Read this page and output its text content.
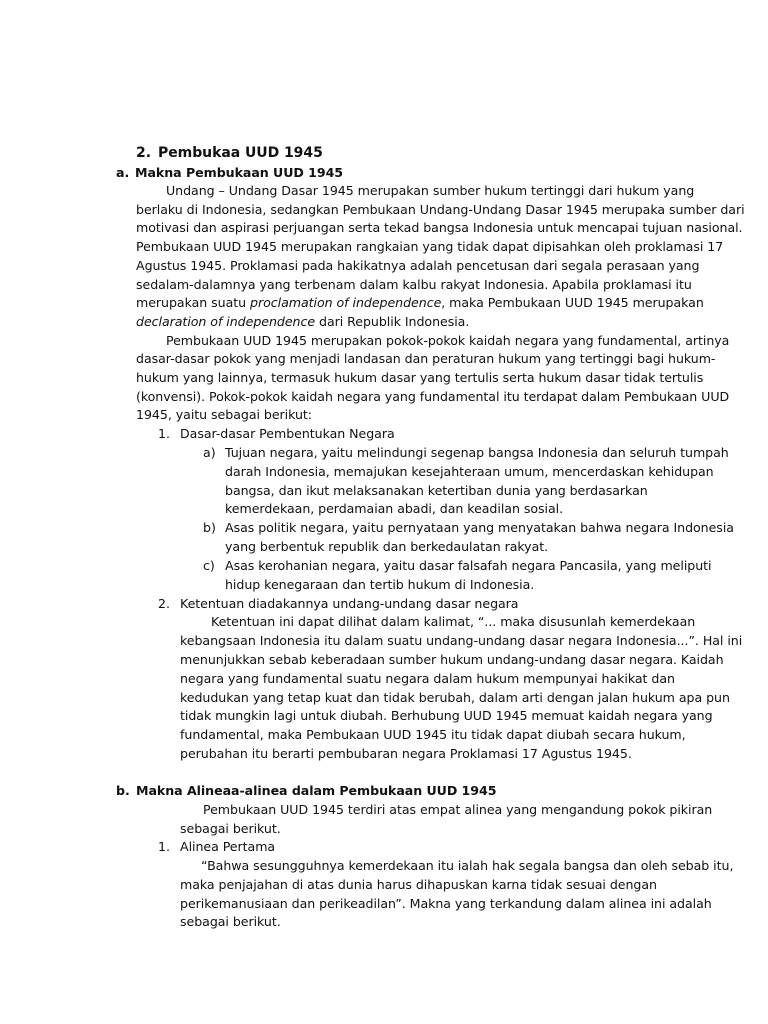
2. Pembukaa UUD 1945
a. Makna Pembukaan UUD 1945
Undang – Undang Dasar 1945 merupakan sumber hukum tertinggi dari hukum yang
berlaku di Indonesia, sedangkan Pembukaan Undang-Undang Dasar 1945 merupaka sumber dari
motivasi dan aspirasi perjuangan serta tekad bangsa Indonesia untuk mencapai tujuan nasional.
Pembukaan UUD 1945 merupakan rangkaian yang tidak dapat dipisahkan oleh proklamasi 17
Agustus 1945. Proklamasi pada hakikatnya adalah pencetusan dari segala perasaan yang
sedalam-dalamnya yang terbenam dalam kalbu rakyat Indonesia. Apabila proklamasi itu
merupakan suatu proclamation of independence, maka Pembukaan UUD 1945 merupakan
declaration of independence dari Republik Indonesia.
Pembukaan UUD 1945 merupakan pokok-pokok kaidah negara yang fundamental, artinya
dasar-dasar pokok yang menjadi landasan dan peraturan hukum yang tertinggi bagi hukum-
hukum yang lainnya, termasuk hukum dasar yang tertulis serta hukum dasar tidak tertulis
(konvensi). Pokok-pokok kaidah negara yang fundamental itu terdapat dalam Pembukaan UUD
1945, yaitu sebagai berikut:
1. Dasar-dasar Pembentukan Negara
a) Tujuan negara, yaitu melindungi segenap bangsa Indonesia dan seluruh tumpah
darah Indonesia, memajukan kesejahteraan umum, mencerdaskan kehidupan
bangsa, dan ikut melaksanakan ketertiban dunia yang berdasarkan
kemerdekaan, perdamaian abadi, dan keadilan sosial.
b) Asas politik negara, yaitu pernyataan yang menyatakan bahwa negara Indonesia
yang berbentuk republik dan berkedaulatan rakyat.
c) Asas kerohanian negara, yaitu dasar falsafah negara Pancasila, yang meliputi
hidup kenegaraan dan tertib hukum di Indonesia.
2. Ketentuan diadakannya undang-undang dasar negara
Ketentuan ini dapat dilihat dalam kalimat, “... maka disusunlah kemerdekaan
kebangsaan Indonesia itu dalam suatu undang-undang dasar negara Indonesia...”. Hal ini
menunjukkan sebab keberadaan sumber hukum undang-undang dasar negara. Kaidah
negara yang fundamental suatu negara dalam hukum mempunyai hakikat dan
kedudukan yang tetap kuat dan tidak berubah, dalam arti dengan jalan hukum apa pun
tidak mungkin lagi untuk diubah. Berhubung UUD 1945 memuat kaidah negara yang
fundamental, maka Pembukaan UUD 1945 itu tidak dapat diubah secara hukum,
perubahan itu berarti pembubaran negara Proklamasi 17 Agustus 1945.
b. Makna Alineaa-alinea dalam Pembukaan UUD 1945
Pembukaan UUD 1945 terdiri atas empat alinea yang mengandung pokok pikiran
sebagai berikut.
1. Alinea Pertama
“Bahwa sesungguhnya kemerdekaan itu ialah hak segala bangsa dan oleh sebab itu,
maka penjajahan di atas dunia harus dihapuskan karna tidak sesuai dengan
perikemanusiaan dan perikeadilan”. Makna yang terkandung dalam alinea ini adalah
sebagai berikut.
